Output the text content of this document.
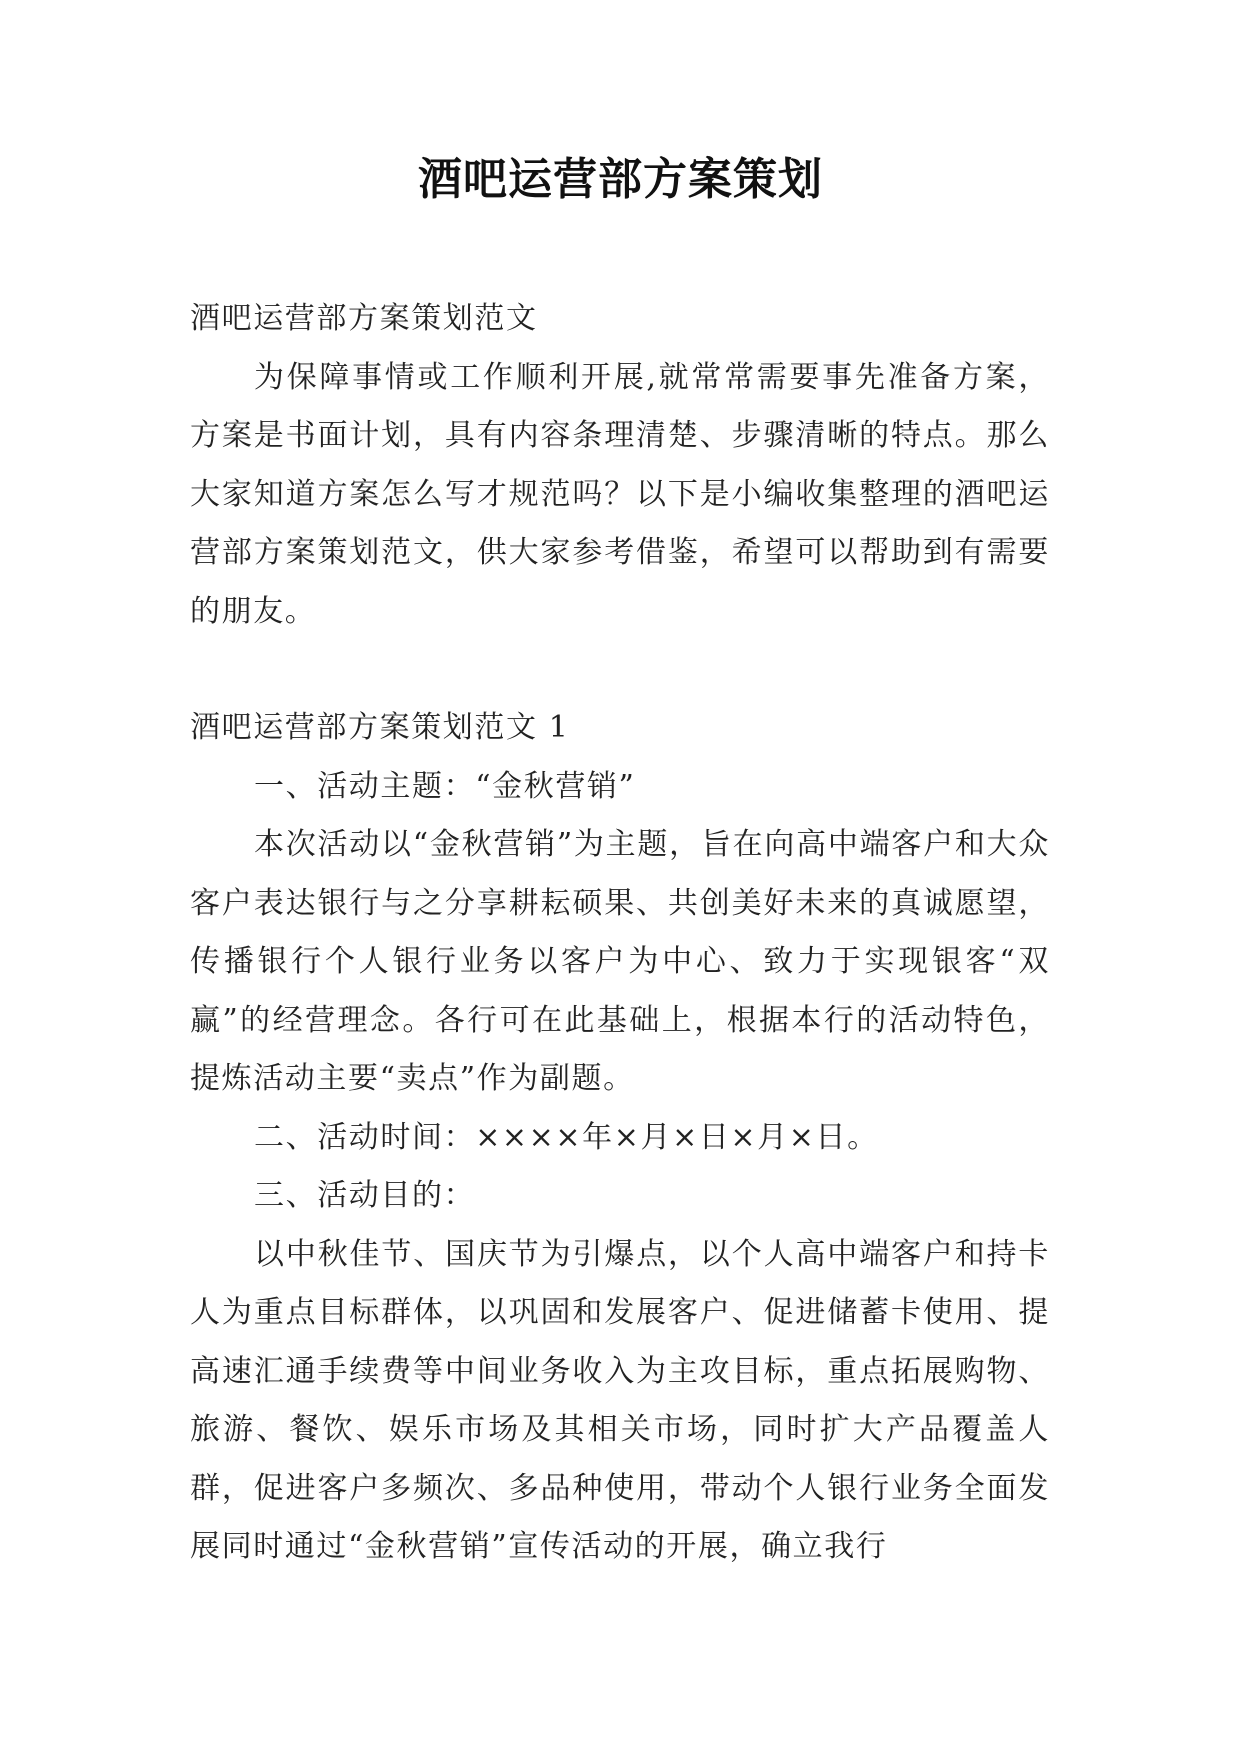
酒吧运营部方案策划

酒吧运营部方案策划范文

为保障事情或工作顺利开展,就常常需要事先准备方案，方案是书面计划，具有内容条理清楚、步骤清晰的特点。那么大家知道方案怎么写才规范吗？以下是小编收集整理的酒吧运营部方案策划范文，供大家参考借鉴，希望可以帮助到有需要的朋友。

酒吧运营部方案策划范文 1

一、活动主题：“金秋营销”

本次活动以“金秋营销”为主题，旨在向高中端客户和大众客户表达银行与之分享耕耘硕果、共创美好未来的真诚愿望，传播银行个人银行业务以客户为中心、致力于实现银客“双赢”的经营理念。各行可在此基础上，根据本行的活动特色，提炼活动主要“卖点”作为副题。

二、活动时间：××××年×月×日×月×日。

三、活动目的：

以中秋佳节、国庆节为引爆点，以个人高中端客户和持卡人为重点目标群体，以巩固和发展客户、促进储蓄卡使用、提高速汇通手续费等中间业务收入为主攻目标，重点拓展购物、旅游、餐饮、娱乐市场及其相关市场，同时扩大产品覆盖人群，促进客户多频次、多品种使用，带动个人银行业务全面发展同时通过“金秋营销”宣传活动的开展，确立我行
